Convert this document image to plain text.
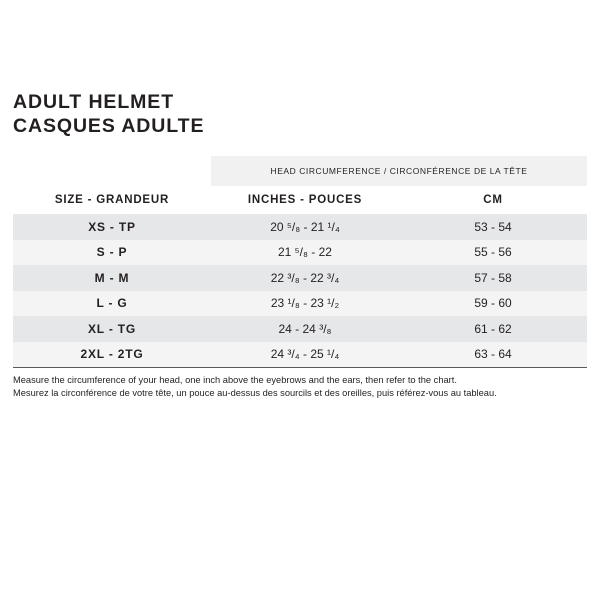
ADULT HELMET
CASQUES ADULTE
	HEAD CIRCUMFERENCE / CIRCONFÉRENCE DE LA TÊTE	
SIZE - GRANDEUR	INCHES - POUCES	CM
XS - TP	20 ⁵/₈ - 21 ¹/₄	53 - 54
S - P	21 ⁵/₈ - 22	55 - 56
M - M	22 ³/₈ - 22 ³/₄	57 - 58
L - G	23 ¹/₈ - 23 ¹/₂	59 - 60
XL - TG	24 - 24 ³/₈	61 - 62
2XL - 2TG	24 ³/₄ - 25 ¹/₄	63 - 64
Measure the circumference of your head, one inch above the eyebrows and the ears, then refer to the chart.
Mesurez la circonférence de votre tête, un pouce au-dessus des sourcils et des oreilles, puis référez-vous au tableau.
